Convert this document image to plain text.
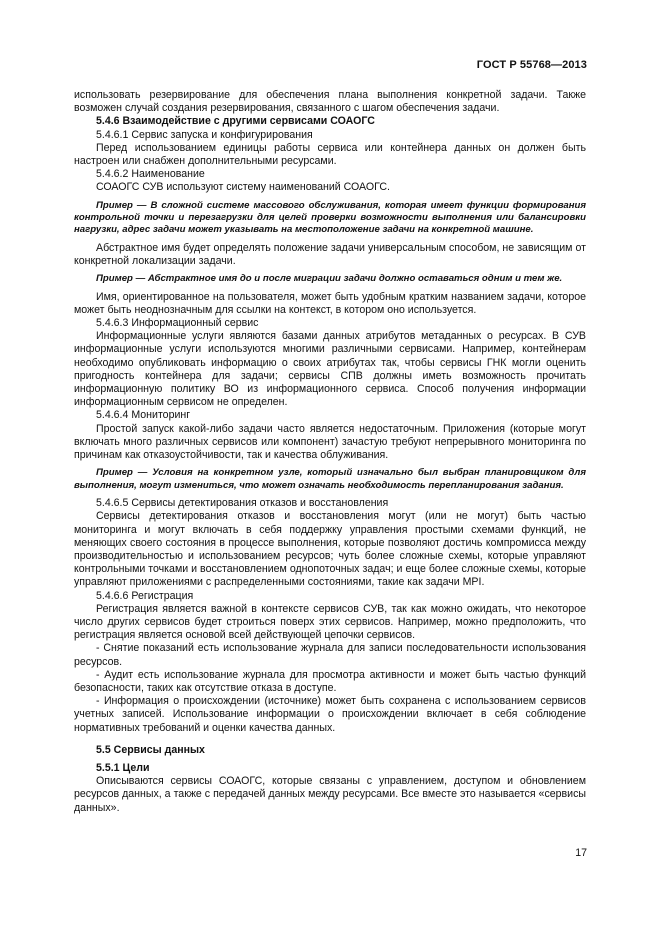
ГОСТ Р 55768—2013

использовать резервирование для обеспечения плана выполнения конкретной задачи. Также возможен случай создания резервирования, связанного с шагом обеспечения задачи.

5.4.6 Взаимодействие с другими сервисами СОАОГС

5.4.6.1 Сервис запуска и конфигурирования

Перед использованием единицы работы сервиса или контейнера данных он должен быть настроен или снабжен дополнительными ресурсами.

5.4.6.2 Наименование

СОАОГС СУВ используют систему наименований СОАОГС.

Пример — В сложной системе массового обслуживания, которая имеет функции формирования контрольной точки и перезагрузки для целей проверки возможности выполнения или балансировки нагрузки, адрес задачи может указывать на местоположение задачи на конкретной машине.

Абстрактное имя будет определять положение задачи универсальным способом, не зависящим от конкретной локализации задачи.

Пример — Абстрактное имя до и после миграции задачи должно оставаться одним и тем же.

Имя, ориентированное на пользователя, может быть удобным кратким названием задачи, которое может быть неоднозначным для ссылки на контекст, в котором оно используется.

5.4.6.3 Информационный сервис

Информационные услуги являются базами данных атрибутов метаданных о ресурсах. В СУВ информационные услуги используются многими различными сервисами. Например, контейнерам необходимо опубликовать информацию о своих атрибутах так, чтобы сервисы ГНК могли оценить пригодность контейнера для задачи; сервисы СПВ должны иметь возможность прочитать информационную политику ВО из информационного сервиса. Способ получения информации информационным сервисом не определен.

5.4.6.4 Мониторинг

Простой запуск какой-либо задачи часто является недостаточным. Приложения (которые могут включать много различных сервисов или компонент) зачастую требуют непрерывного мониторинга по причинам как отказоустойчивости, так и качества облуживания.

Пример — Условия на конкретном узле, который изначально был выбран планировщиком для выполнения, могут измениться, что может означать необходимость перепланирования задания.

5.4.6.5 Сервисы детектирования отказов и восстановления

Сервисы детектирования отказов и восстановления могут (или не могут) быть частью мониторинга и могут включать в себя поддержку управления простыми схемами функций, не меняющих своего состояния в процессе выполнения, которые позволяют достичь компромисса между производительностью и использованием ресурсов; чуть более сложные схемы, которые управляют контрольными точками и восстановлением однопоточных задач; и еще более сложные схемы, которые управляют приложениями с распределенными состояниями, такие как задачи MPI.

5.4.6.6 Регистрация

Регистрация является важной в контексте сервисов СУВ, так как можно ожидать, что некоторое число других сервисов будет строиться поверх этих сервисов. Например, можно предположить, что регистрация является основой всей действующей цепочки сервисов.

- Снятие показаний есть использование журнала для записи последовательности использования ресурсов.

- Аудит есть использование журнала для просмотра активности и может быть частью функций безопасности, таких как отсутствие отказа в доступе.

- Информация о происхождении (источнике) может быть сохранена с использованием сервисов учетных записей. Использование информации о происхождении включает в себя соблюдение нормативных требований и оценки качества данных.

5.5 Сервисы данных

5.5.1 Цели

Описываются сервисы СОАОГС, которые связаны с управлением, доступом и обновлением ресурсов данных, а также с передачей данных между ресурсами. Все вместе это называется «сервисы данных».

17
